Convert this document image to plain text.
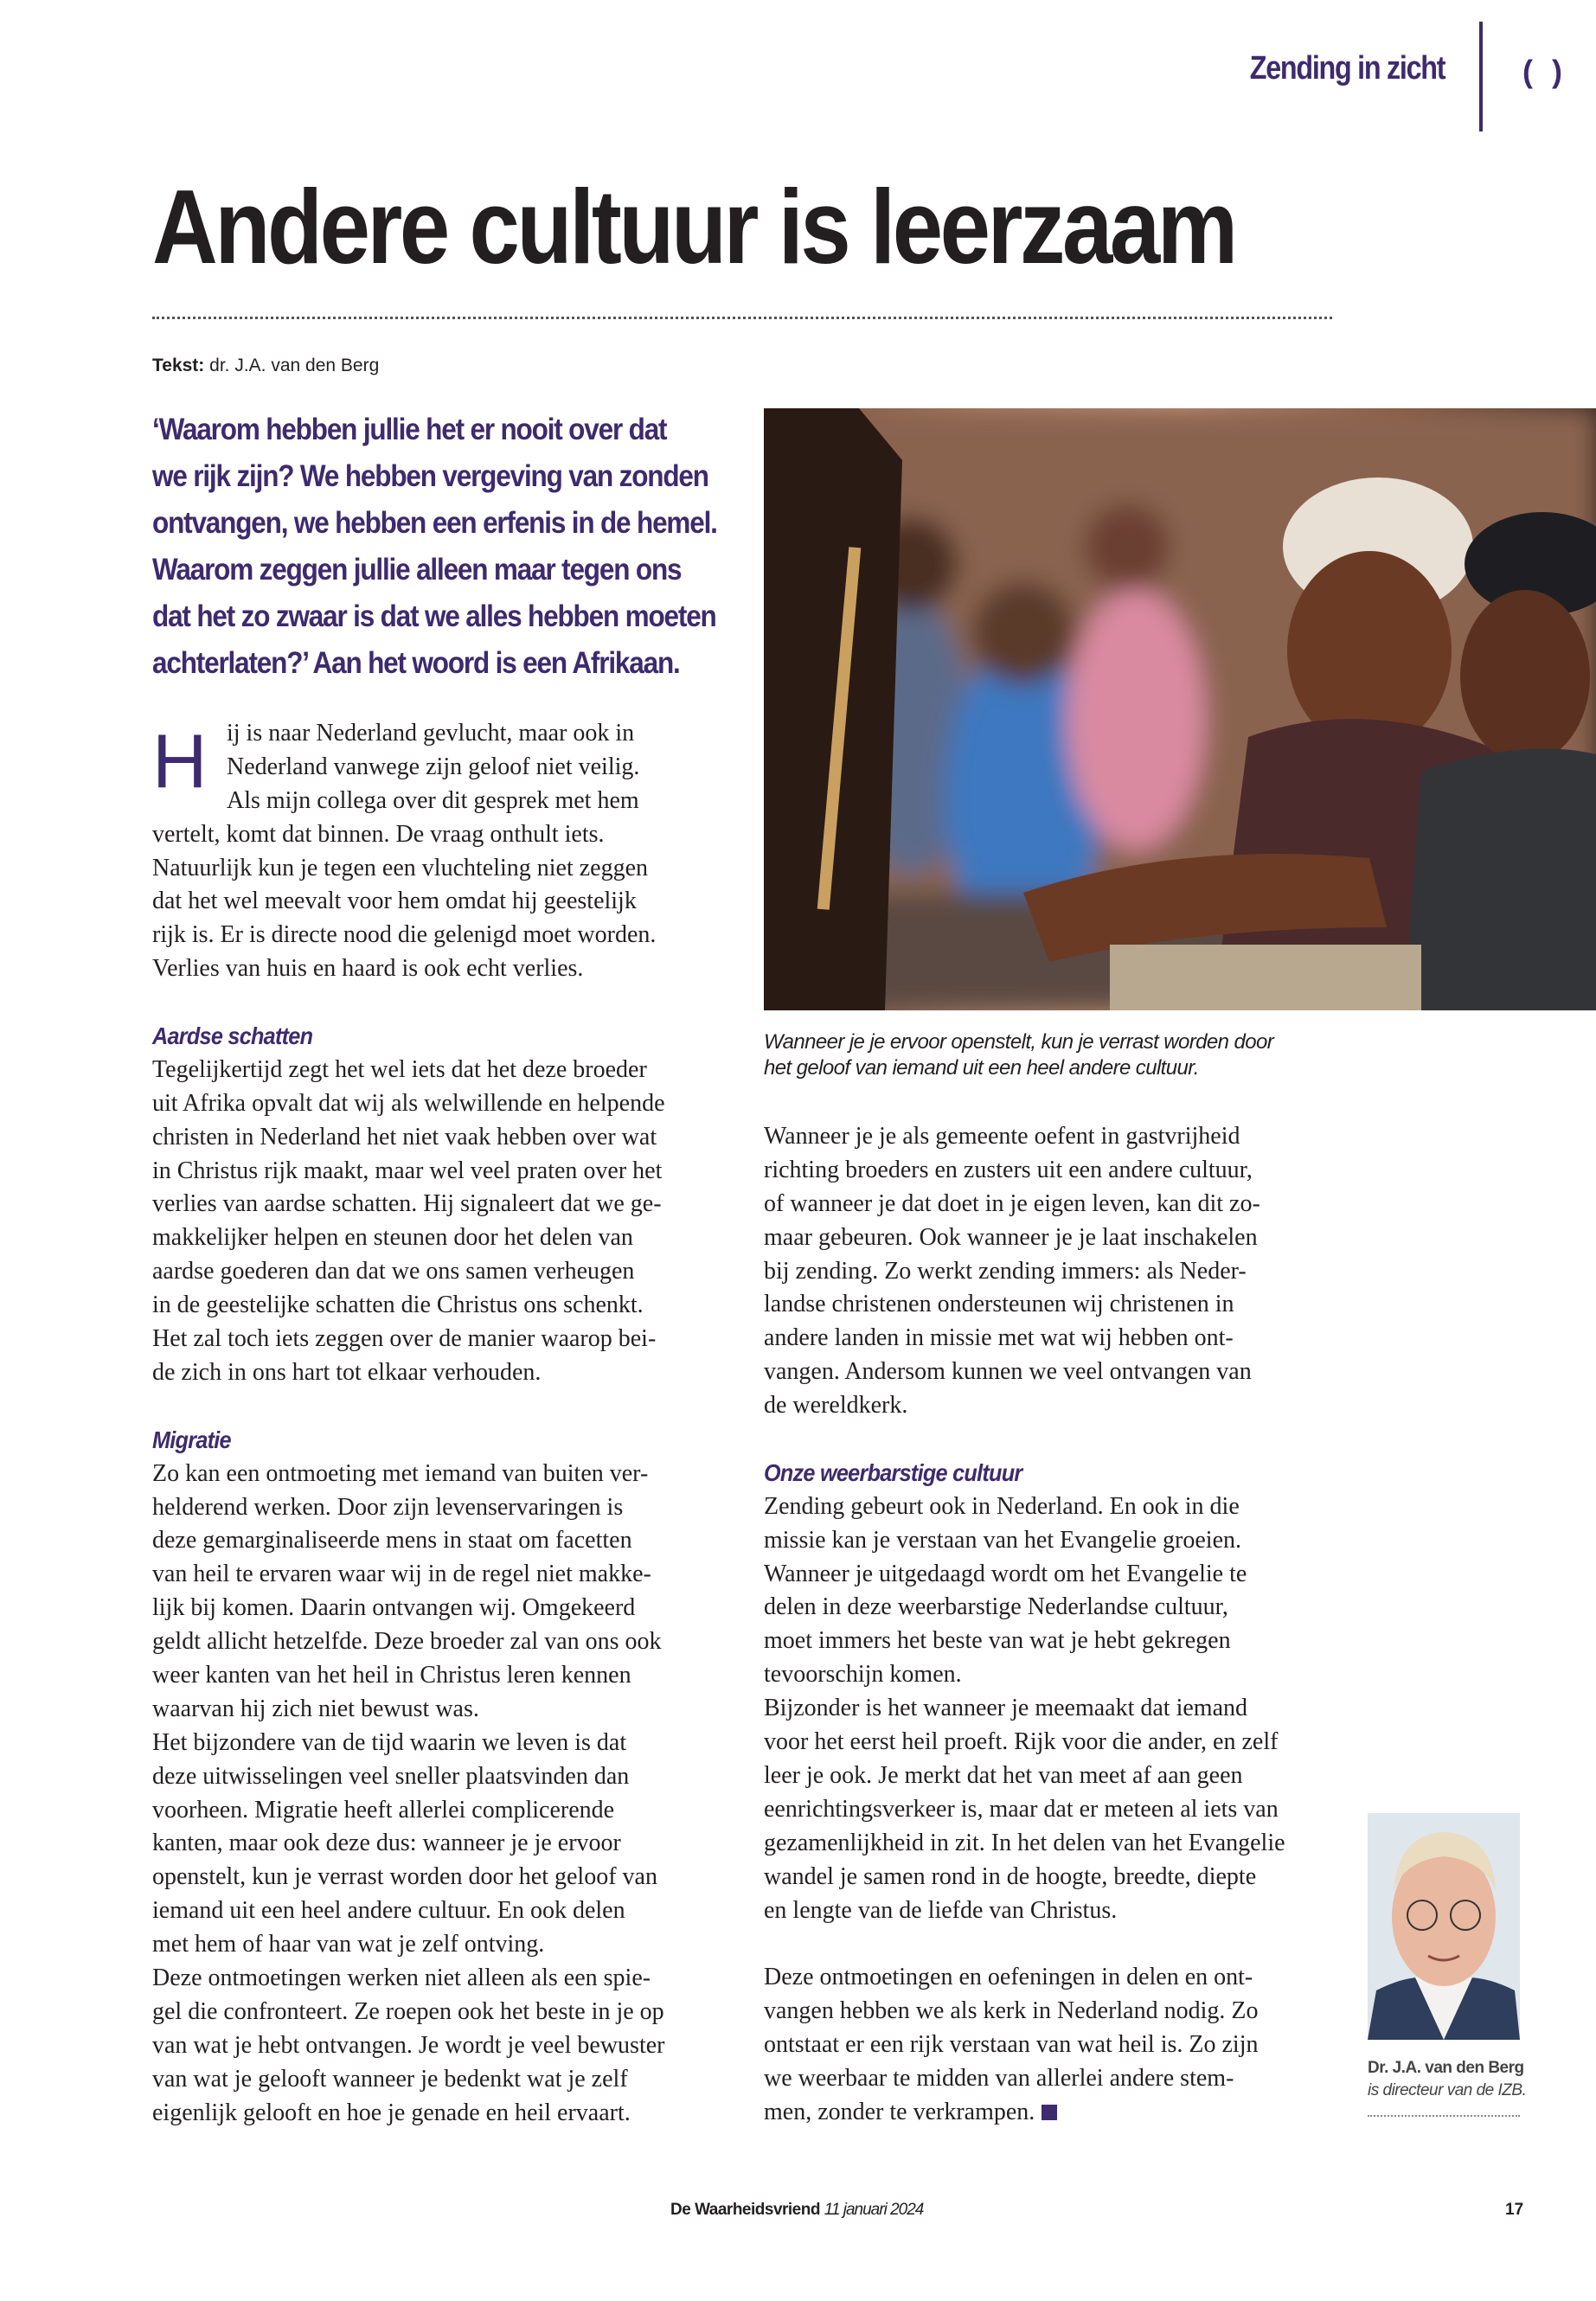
Zending in zicht	( )
Andere cultuur is leerzaam
Tekst: dr. J.A. van den Berg
‘Waarom hebben jullie het er nooit over dat
we rijk zijn? We hebben vergeving van zonden
ontvangen, we hebben een erfenis in de hemel.
Waarom zeggen jullie alleen maar tegen ons
dat het zo zwaar is dat we alles hebben moeten
achterlaten?’ Aan het woord is een Afrikaan.
H ij is naar Nederland gevlucht, maar ook in
Nederland vanwege zijn geloof niet veilig.
Als mijn collega over dit gesprek met hem
vertelt, komt dat binnen. De vraag onthult iets.
Natuurlijk kun je tegen een vluchteling niet zeggen
dat het wel meevalt voor hem omdat hij geestelijk
rijk is. Er is directe nood die gelenigd moet worden.
Verlies van huis en haard is ook echt verlies.
Aardse schatten
Tegelijkertijd zegt het wel iets dat het deze broeder
uit Afrika opvalt dat wij als welwillende en helpende
christen in Nederland het niet vaak hebben over wat
in Christus rijk maakt, maar wel veel praten over het
verlies van aardse schatten. Hij signaleert dat we ge-
makkelijker helpen en steunen door het delen van
aardse goederen dan dat we ons samen verheugen
in de geestelijke schatten die Christus ons schenkt.
Het zal toch iets zeggen over de manier waarop bei-
de zich in ons hart tot elkaar verhouden.
Migratie
Zo kan een ontmoeting met iemand van buiten ver-
helderend werken. Door zijn levenservaringen is
deze gemarginaliseerde mens in staat om facetten
van heil te ervaren waar wij in de regel niet makke-
lijk bij komen. Daarin ontvangen wij. Omgekeerd
geldt allicht hetzelfde. Deze broeder zal van ons ook
weer kanten van het heil in Christus leren kennen
waarvan hij zich niet bewust was.
Het bijzondere van de tijd waarin we leven is dat
deze uitwisselingen veel sneller plaatsvinden dan
voorheen. Migratie heeft allerlei complicerende
kanten, maar ook deze dus: wanneer je je ervoor
openstelt, kun je verrast worden door het geloof van
iemand uit een heel andere cultuur. En ook delen
met hem of haar van wat je zelf ontving.
Deze ontmoetingen werken niet alleen als een spie-
gel die confronteert. Ze roepen ook het beste in je op
van wat je hebt ontvangen. Je wordt je veel bewuster
van wat je gelooft wanneer je bedenkt wat je zelf
eigenlijk gelooft en hoe je genade en heil ervaart.
Wanneer je je ervoor openstelt, kun je verrast worden door
het geloof van iemand uit een heel andere cultuur.
Wanneer je je als gemeente oefent in gastvrijheid
richting broeders en zusters uit een andere cultuur,
of wanneer je dat doet in je eigen leven, kan dit zo-
maar gebeuren. Ook wanneer je je laat inschakelen
bij zending. Zo werkt zending immers: als Neder-
landse christenen ondersteunen wij christenen in
andere landen in missie met wat wij hebben ont-
vangen. Andersom kunnen we veel ontvangen van
de wereldkerk.
Onze weerbarstige cultuur
Zending gebeurt ook in Nederland. En ook in die
missie kan je verstaan van het Evangelie groeien.
Wanneer je uitgedaagd wordt om het Evangelie te
delen in deze weerbarstige Nederlandse cultuur,
moet immers het beste van wat je hebt gekregen
tevoorschijn komen.
Bijzonder is het wanneer je meemaakt dat iemand
voor het eerst heil proeft. Rijk voor die ander, en zelf
leer je ook. Je merkt dat het van meet af aan geen
eenrichtingsverkeer is, maar dat er meteen al iets van
gezamenlijkheid in zit. In het delen van het Evangelie
wandel je samen rond in de hoogte, breedte, diepte
en lengte van de liefde van Christus.
Deze ontmoetingen en oefeningen in delen en ont-
vangen hebben we als kerk in Nederland nodig. Zo
ontstaat er een rijk verstaan van wat heil is. Zo zijn
we weerbaar te midden van allerlei andere stem-
men, zonder te verkrampen.
Dr. J.A. van den Berg
is directeur van de IZB.
De Waarheidsvriend 11 januari 2024	17
